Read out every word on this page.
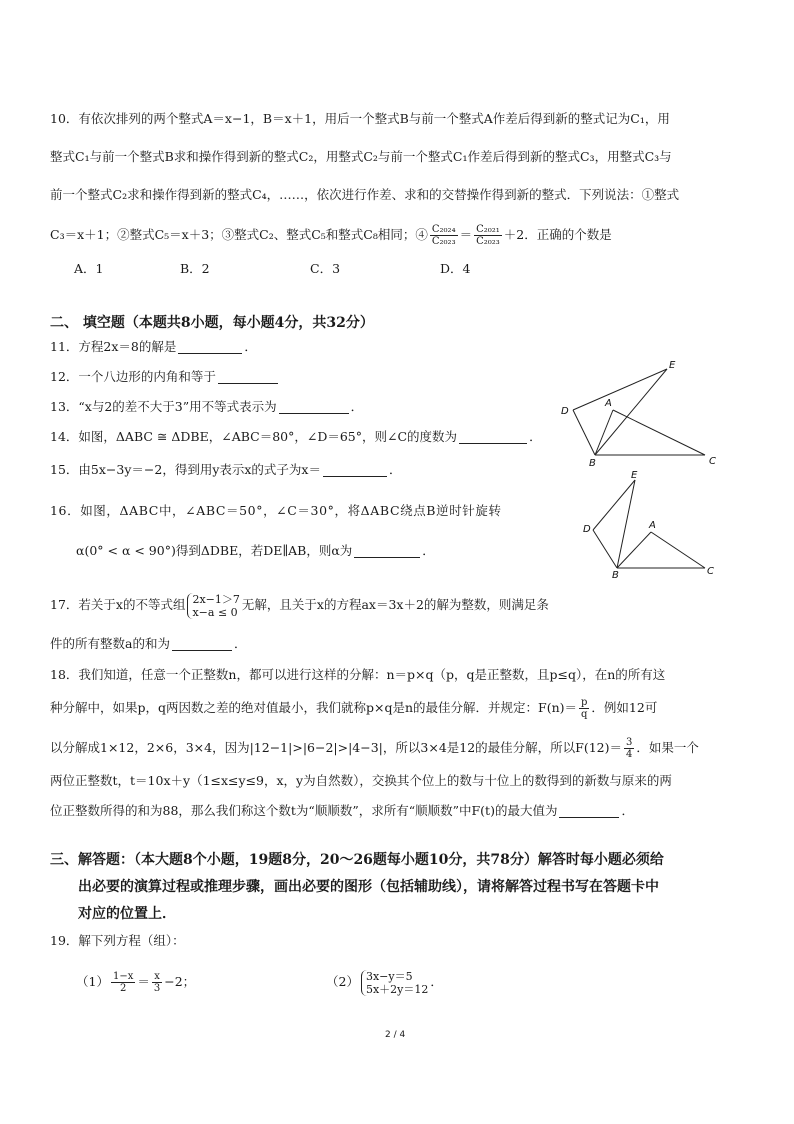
10．有依次排列的两个整式A＝x−1，B＝x＋1，用后一个整式B与前一个整式A作差后得到新的整式记为C₁，用
整式C₁与前一个整式B求和操作得到新的整式C₂，用整式C₂与前一个整式C₁作差后得到新的整式C₃，用整式C₃与
前一个整式C₂求和操作得到新的整式C₄，……，依次进行作差、求和的交替操作得到新的整式．下列说法：①整式
C₃＝x＋1；②整式C₅＝x＋3；③整式C₂、整式C₅和整式C₈相同；④ $\frac{\text{C₂₀₂₄}}{\text{C₂₀₂₃}} = \frac{\text{C₂₀₂₁}}{\text{C₂₀₂₃}} +2$．正确的个数是
A．1	B．2	C．3	D．4
二、 填空题（本题共8小题，每小题4分，共32分）
11．方程2x＝8的解是	．
12．一个八边形的内角和等于
13．“x与2的差不大于3”用不等式表示为	．
14．如图，ΔABC ≅ ΔDBE，∠ABC＝80°，∠D＝65°，则∠C的度数为	．
15．由5x−3y＝−2，得到用y表示x的式子为x＝	．
D
A
E
B	C
16．如图，ΔABC中，∠ABC＝50°，∠C＝30°，将ΔABC绕点B逆时针旋转
α(0° < α < 90°)得到ΔDBE，若DE∥AB，则α为	．
E
D	A
B	C
17．若关于x的不等式组 2x−1＞7
x−a ≤ 0 无解，且关于x的方程ax＝3x＋2的解为整数，则满足条
件的所有整数a的和为	．
18．我们知道，任意一个正整数n，都可以进行这样的分解：n＝p×q（p，q是正整数，且p≤q），在n的所有这
种分解中，如果p，q两因数之差的绝对值最小，我们就称p×q是n的最佳分解．并规定：$F(n)= \frac{p}{q}$ ．例如12可
以分解成1×12，2×6，3×4，因为|12−1|>|6−2|>|4−3|，所以3×4是12的最佳分解，所以$F(12)= \frac{3}{4}$ ．如果一个
两位正整数t，t＝10x＋y（1≤x≤y≤9，x，y为自然数），交换其个位上的数与十位上的数得到的新数与原来的两
位正整数所得的和为88，那么我们称这个数t为“顺顺数”，求所有“顺顺数”中F(t)的最大值为	．
三、解答题：（本大题8个小题，19题8分，20～26题每小题10分，共78分）解答时每小题必须给
出必要的演算过程或推理步骤，画出必要的图形（包括辅助线），请将解答过程书写在答题卡中
对应的位置上．
19．解下列方程（组）：
$(1) \frac{1-x}{2} = \frac{x}{3} -2$；	（2） 3x−y＝5
5x＋2y＝12 ．
2 / 4
